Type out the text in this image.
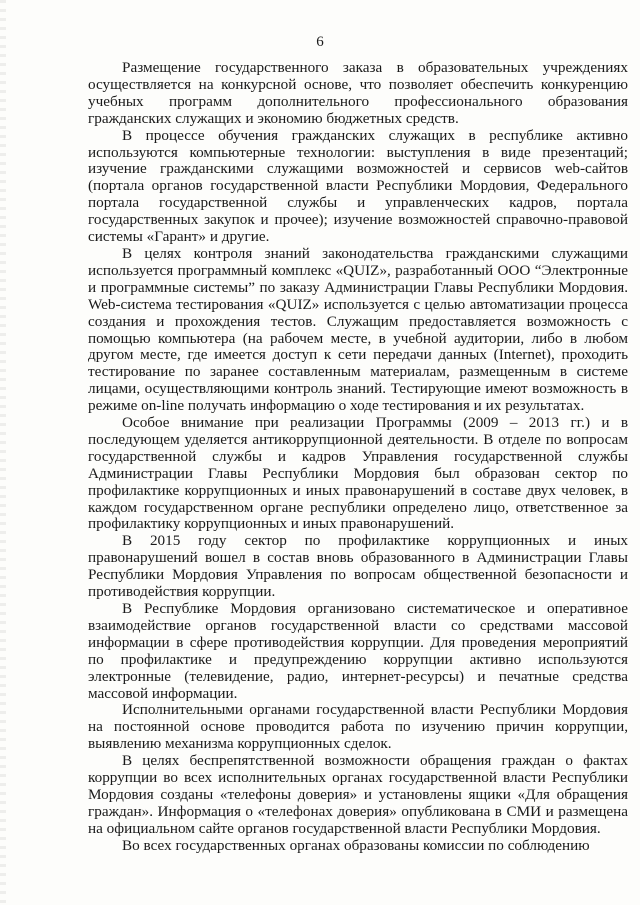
6

Размещение государственного заказа в образовательных учреждениях осуществляется на конкурсной основе, что позволяет обеспечить конкуренцию учебных программ дополнительного профессионального образования гражданских служащих и экономию бюджетных средств.

В процессе обучения гражданских служащих в республике активно используются компьютерные технологии: выступления в виде презентаций; изучение гражданскими служащими возможностей и сервисов web-сайтов (портала органов государственной власти Республики Мордовия, Федерального портала государственной службы и управленческих кадров, портала государственных закупок и прочее); изучение возможностей справочно-правовой системы «Гарант» и другие.

В целях контроля знаний законодательства гражданскими служащими используется программный комплекс «QUIZ», разработанный ООО “Электронные и программные системы” по заказу Администрации Главы Республики Мордовия. Web-система тестирования «QUIZ» используется с целью автоматизации процесса создания и прохождения тестов. Служащим предоставляется возможность с помощью компьютера (на рабочем месте, в учебной аудитории, либо в любом другом месте, где имеется доступ к сети передачи данных (Internet), проходить тестирование по заранее составленным материалам, размещенным в системе лицами, осуществляющими контроль знаний. Тестирующие имеют возможность в режиме on-line получать информацию о ходе тестирования и их результатах.

Особое внимание при реализации Программы (2009 – 2013 гг.) и в последующем уделяется антикоррупционной деятельности. В отделе по вопросам государственной службы и кадров Управления государственной службы Администрации Главы Республики Мордовия был образован сектор по профилактике коррупционных и иных правонарушений в составе двух человек, в каждом государственном органе республики определено лицо, ответственное за профилактику коррупционных и иных правонарушений.

В 2015 году сектор по профилактике коррупционных и иных правонарушений вошел в состав вновь образованного в Администрации Главы Республики Мордовия Управления по вопросам общественной безопасности и противодействия коррупции.

В Республике Мордовия организовано систематическое и оперативное взаимодействие органов государственной власти со средствами массовой информации в сфере противодействия коррупции. Для проведения мероприятий по профилактике и предупреждению коррупции активно используются электронные (телевидение, радио, интернет-ресурсы) и печатные средства массовой информации.

Исполнительными органами государственной власти Республики Мордовия на постоянной основе проводится работа по изучению причин коррупции, выявлению механизма коррупционных сделок.

В целях беспрепятственной возможности обращения граждан о фактах коррупции во всех исполнительных органах государственной власти Республики Мордовия созданы «телефоны доверия» и установлены ящики «Для обращения граждан». Информация о «телефонах доверия» опубликована в СМИ и размещена на официальном сайте органов государственной власти Республики Мордовия.

Во всех государственных органах образованы комиссии по соблюдению
